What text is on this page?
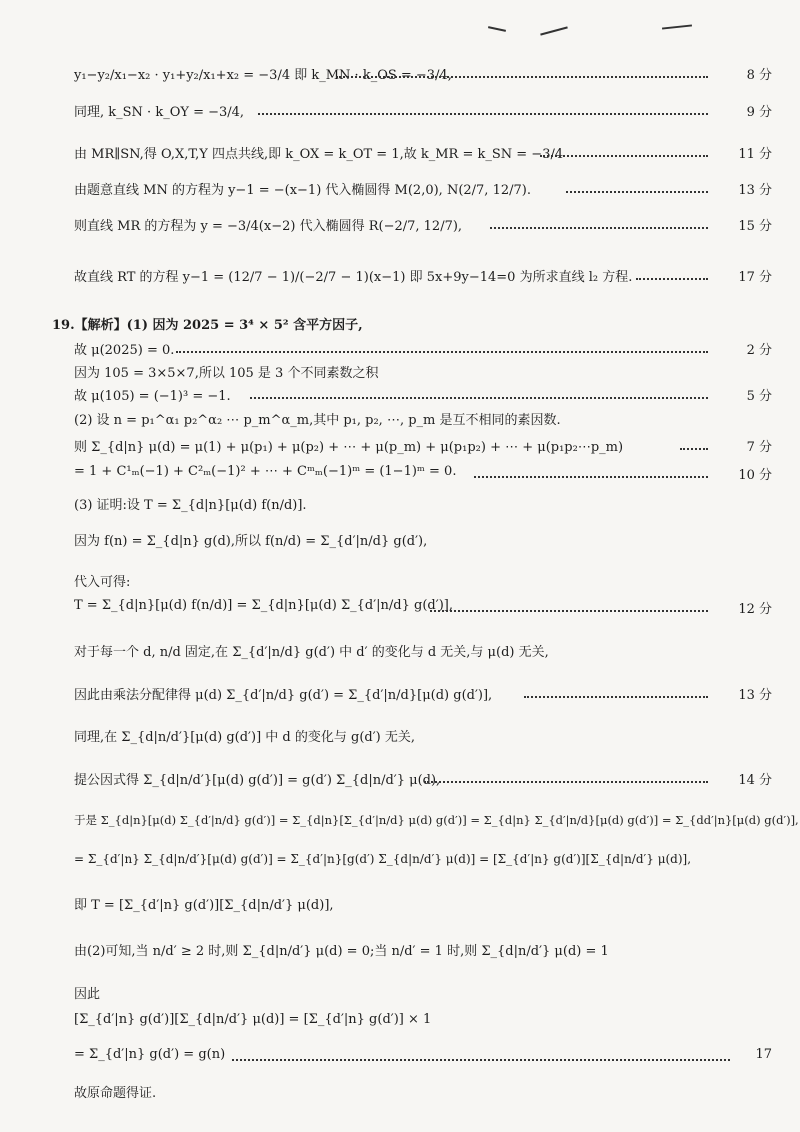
y₁−y₂/x₁−x₂ · y₁+y₂/x₁+x₂ = −3/4 即 k_MN · k_OS = −3/4,	8 分
同理, k_SN · k_OY = −3/4,	9 分
由 MR∥SN,得 O,X,T,Y 四点共线,即 k_OX = k_OT = 1,故 k_MR = k_SN = −3/4	11 分
由题意直线 MN 的方程为 y−1 = −(x−1) 代入椭圆得 M(2,0), N(2/7, 12/7).	13 分
则直线 MR 的方程为 y = −3/4(x−2) 代入椭圆得 R(−2/7, 12/7),	15 分
故直线 RT 的方程 y−1 = (12/7 − 1)/(−2/7 − 1)(x−1) 即 5x+9y−14=0 为所求直线 l₂ 方程.	17 分
19.【解析】(1) 因为 2025 = 3⁴ × 5² 含平方因子,
故 μ(2025) = 0.	2 分
因为 105 = 3×5×7,所以 105 是 3 个不同素数之积
故 μ(105) = (−1)³ = −1.	5 分
(2) 设 n = p₁^α₁ p₂^α₂ ⋯ p_m^α_m,其中 p₁, p₂, ⋯, p_m 是互不相同的素因数.
则 Σ_{d|n} μ(d) = μ(1) + μ(p₁) + μ(p₂) + ⋯ + μ(p_m) + μ(p₁p₂) + ⋯ + μ(p₁p₂⋯p_m)	7 分
= 1 + C¹ₘ(−1) + C²ₘ(−1)² + ⋯ + Cᵐₘ(−1)ᵐ = (1−1)ᵐ = 0.	10 分
(3) 证明:设 T = Σ_{d|n}[μ(d) f(n/d)].
因为 f(n) = Σ_{d|n} g(d),所以 f(n/d) = Σ_{d′|n/d} g(d′),
代入可得:
T = Σ_{d|n}[μ(d) f(n/d)] = Σ_{d|n}[μ(d) Σ_{d′|n/d} g(d′)],	12 分
对于每一个 d, n/d 固定,在 Σ_{d′|n/d} g(d′) 中 d′ 的变化与 d 无关,与 μ(d) 无关,
因此由乘法分配律得 μ(d) Σ_{d′|n/d} g(d′) = Σ_{d′|n/d}[μ(d) g(d′)],	13 分
同理,在 Σ_{d|n/d′}[μ(d) g(d′)] 中 d 的变化与 g(d′) 无关,
提公因式得 Σ_{d|n/d′}[μ(d) g(d′)] = g(d′) Σ_{d|n/d′} μ(d),	14 分
于是 Σ_{d|n}[μ(d) Σ_{d′|n/d} g(d′)] = Σ_{d|n}[Σ_{d′|n/d} μ(d) g(d′)] = Σ_{d|n} Σ_{d′|n/d}[μ(d) g(d′)] = Σ_{dd′|n}[μ(d) g(d′)],
= Σ_{d′|n} Σ_{d|n/d′}[μ(d) g(d′)] = Σ_{d′|n}[g(d′) Σ_{d|n/d′} μ(d)] = [Σ_{d′|n} g(d′)][Σ_{d|n/d′} μ(d)],
即 T = [Σ_{d′|n} g(d′)][Σ_{d|n/d′} μ(d)],
由(2)可知,当 n/d′ ≥ 2 时,则 Σ_{d|n/d′} μ(d) = 0;当 n/d′ = 1 时,则 Σ_{d|n/d′} μ(d) = 1
因此
[Σ_{d′|n} g(d′)][Σ_{d|n/d′} μ(d)] = [Σ_{d′|n} g(d′)] × 1
= Σ_{d′|n} g(d′) = g(n)	17
故原命题得证.
